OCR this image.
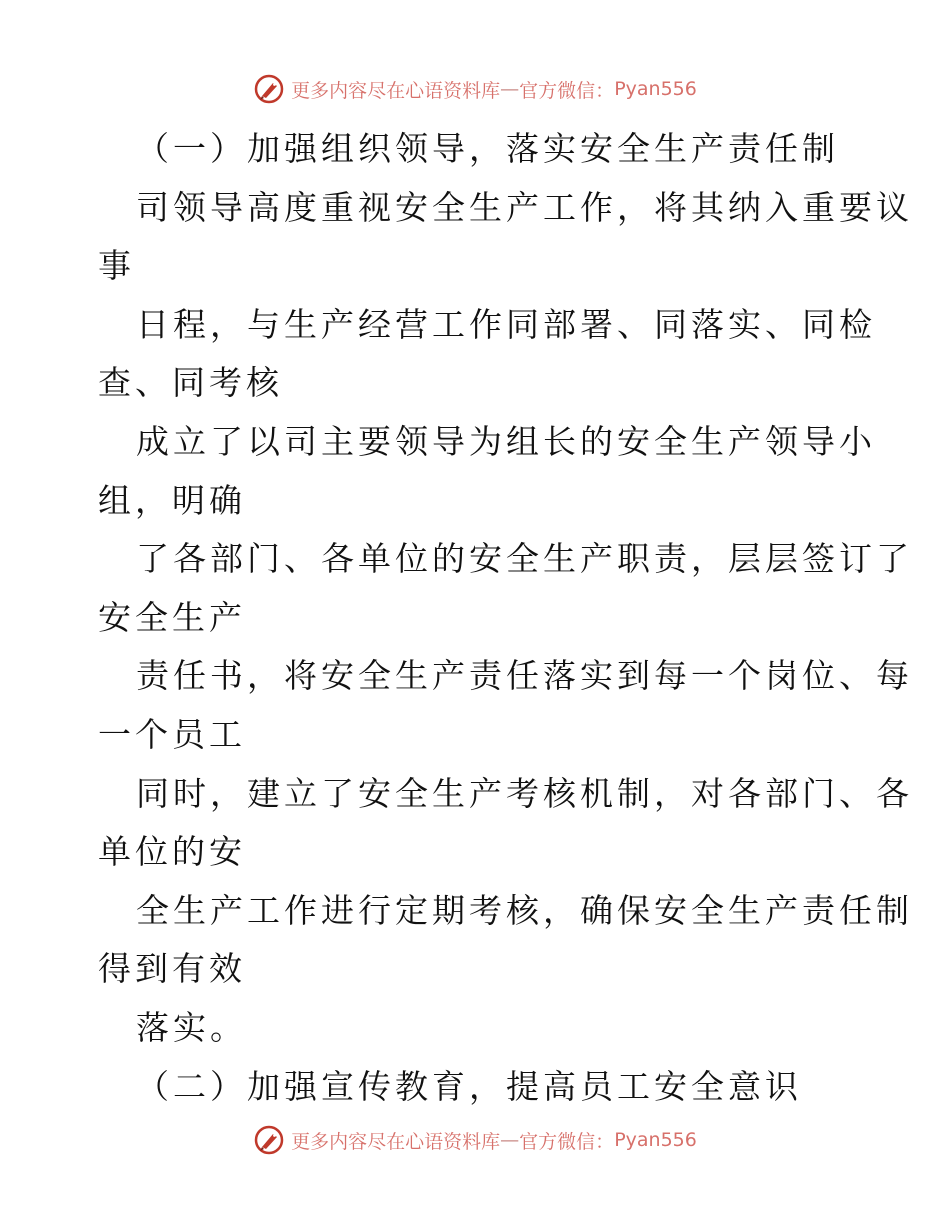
更多内容尽在心语资料库 — 官方微信： Pyan556
（一）加强组织领导，落实安全生产责任制
司领导高度重视安全生产工作，将其纳入重要议
事
日程，与生产经营工作同部署、同落实、同检
查、同考核
成立了以司主要领导为组长的安全生产领导小
组，明确
了各部门、各单位的安全生产职责，层层签订了
安全生产
责任书，将安全生产责任落实到每一个岗位、每
一个员工
同时，建立了安全生产考核机制，对各部门、各
单位的安
全生产工作进行定期考核，确保安全生产责任制
得到有效
落实。
（二）加强宣传教育，提高员工安全意识
更多内容尽在心语资料库 — 官方微信： Pyan556
